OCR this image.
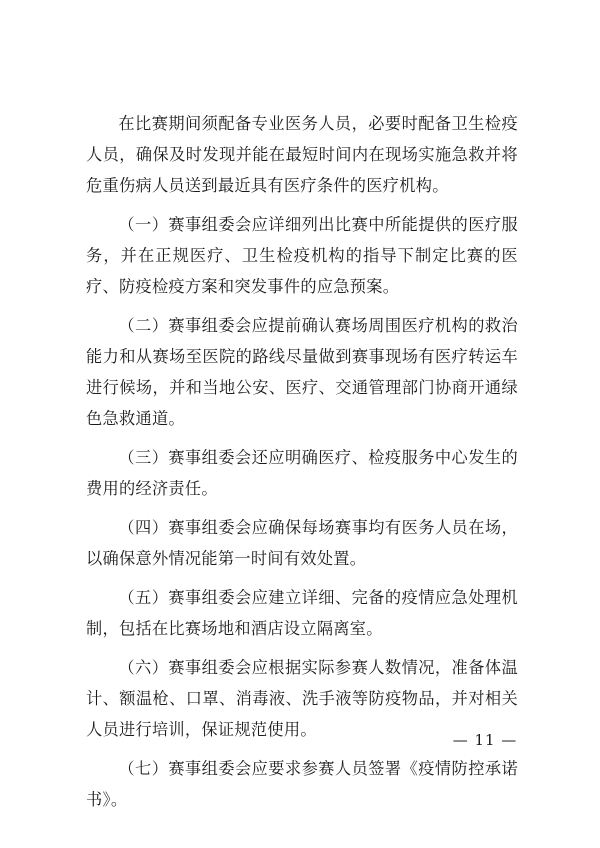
在比赛期间须配备专业医务人员，必要时配备卫生检疫人员，确保及时发现并能在最短时间内在现场实施急救并将危重伤病人员送到最近具有医疗条件的医疗机构。

（一）赛事组委会应详细列出比赛中所能提供的医疗服务，并在正规医疗、卫生检疫机构的指导下制定比赛的医疗、防疫检疫方案和突发事件的应急预案。

（二）赛事组委会应提前确认赛场周围医疗机构的救治能力和从赛场至医院的路线尽量做到赛事现场有医疗转运车进行候场，并和当地公安、医疗、交通管理部门协商开通绿色急救通道。

（三）赛事组委会还应明确医疗、检疫服务中心发生的费用的经济责任。

（四）赛事组委会应确保每场赛事均有医务人员在场，以确保意外情况能第一时间有效处置。

（五）赛事组委会应建立详细、完备的疫情应急处理机制，包括在比赛场地和酒店设立隔离室。

（六）赛事组委会应根据实际参赛人数情况，准备体温计、额温枪、口罩、消毒液、洗手液等防疫物品，并对相关人员进行培训，保证规范使用。

（七）赛事组委会应要求参赛人员签署《疫情防控承诺书》。

— 11 —
